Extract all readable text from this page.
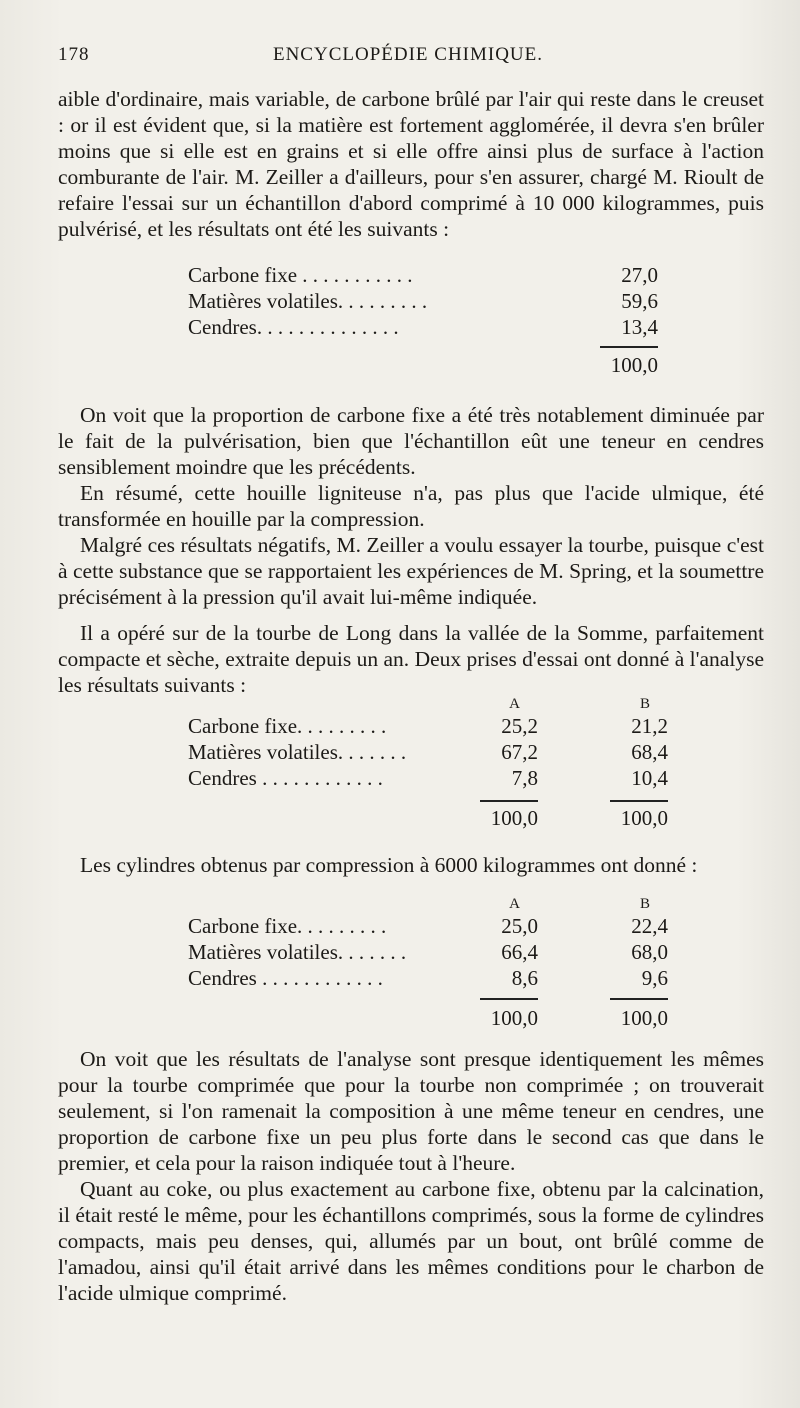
178	ENCYCLOPÉDIE CHIMIQUE.

aible d'ordinaire, mais variable, de carbone brûlé par l'air qui reste dans le creuset : or il est évident que, si la matière est fortement agglomérée, il devra s'en brûler moins que si elle est en grains et si elle offre ainsi plus de surface à l'action comburante de l'air. M. Zeiller a d'ailleurs, pour s'en assurer, chargé M. Rioult de refaire l'essai sur un échantillon d'abord comprimé à 10 000 kilogrammes, puis pulvérisé, et les résultats ont été les suivants :

Carbone fixe . . . . . . . . . . .	27,0
Matières volatiles. . . . . . . . .	59,6
Cendres. . . . . . . . . . . . . .	13,4
100,0

On voit que la proportion de carbone fixe a été très notablement diminuée par le fait de la pulvérisation, bien que l'échantillon eût une teneur en cendres sensiblement moindre que les précédents.

En résumé, cette houille ligniteuse n'a, pas plus que l'acide ulmique, été transformée en houille par la compression.

Malgré ces résultats négatifs, M. Zeiller a voulu essayer la tourbe, puisque c'est à cette substance que se rapportaient les expériences de M. Spring, et la soumettre précisément à la pression qu'il avait lui-même indiquée.

Il a opéré sur de la tourbe de Long dans la vallée de la Somme, parfaitement compacte et sèche, extraite depuis un an. Deux prises d'essai ont donné à l'analyse les résultats suivants :

A	B
Carbone fixe. . . . . . . . .	25,2	21,2
Matières volatiles. . . . . . .	67,2	68,4
Cendres . . . . . . . . . . . .	7,8	10,4
100,0	100,0

Les cylindres obtenus par compression à 6000 kilogrammes ont donné :

A	B
Carbone fixe. . . . . . . . .	25,0	22,4
Matières volatiles. . . . . . .	66,4	68,0
Cendres . . . . . . . . . . . .	8,6	9,6
100,0	100,0

On voit que les résultats de l'analyse sont presque identiquement les mêmes pour la tourbe comprimée que pour la tourbe non comprimée ; on trouverait seulement, si l'on ramenait la composition à une même teneur en cendres, une proportion de carbone fixe un peu plus forte dans le second cas que dans le premier, et cela pour la raison indiquée tout à l'heure.

Quant au coke, ou plus exactement au carbone fixe, obtenu par la calcination, il était resté le même, pour les échantillons comprimés, sous la forme de cylindres compacts, mais peu denses, qui, allumés par un bout, ont brûlé comme de l'amadou, ainsi qu'il était arrivé dans les mêmes conditions pour le charbon de l'acide ulmique comprimé.
